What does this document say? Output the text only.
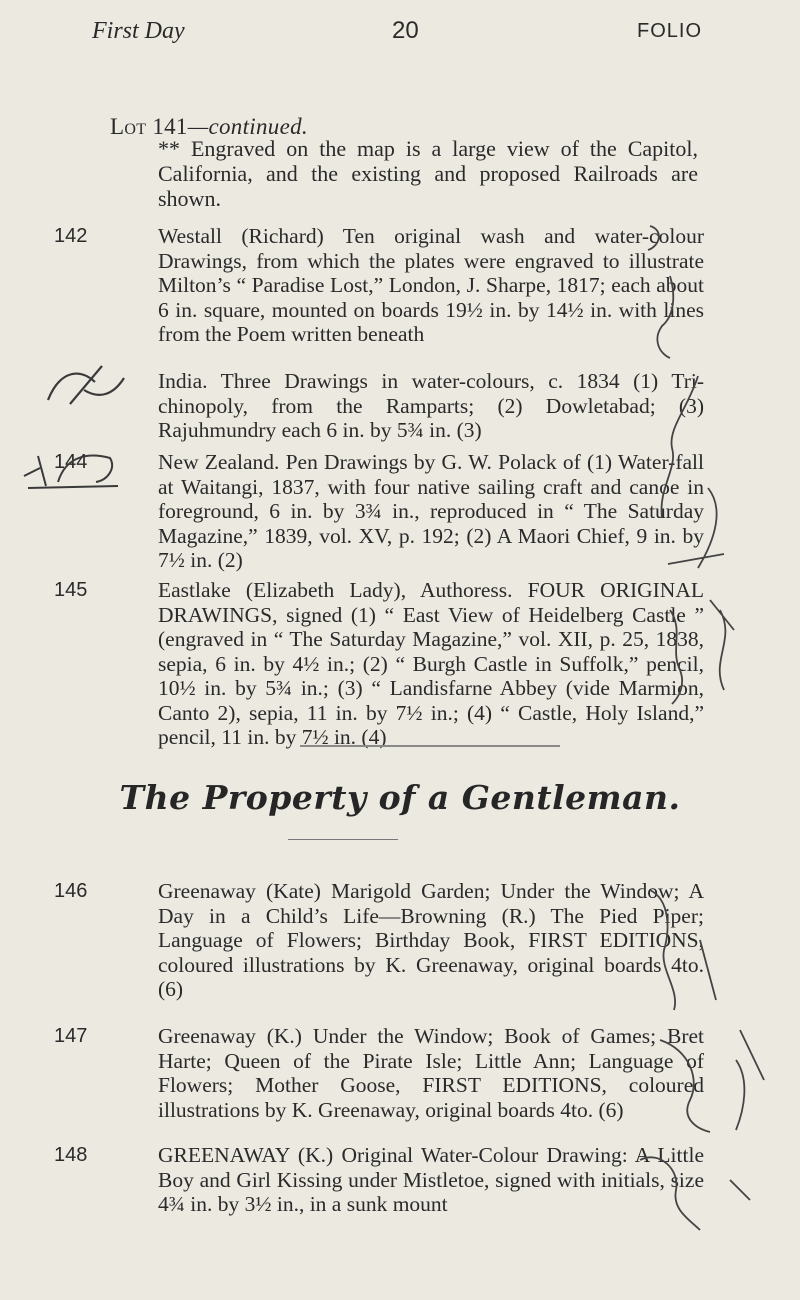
First Day	20	FOLIO
Lot 141—continued.
** Engraved on the map is a large view of the Capitol, California, and the existing and proposed Railroads are shown.
142	Westall (Richard) Ten original wash and water-colour Drawings, from which the plates were engraved to illustrate Milton’s “ Paradise Lost,” London, J. Sharpe, 1817; each about 6 in. square, mounted on boards 19½ in. by 14½ in. with lines from the Poem written beneath
India. Three Drawings in water-colours, c. 1834 (1) Tri-chinopoly, from the Ramparts; (2) Dowletabad; (3) Rajuhmundry each 6 in. by 5¾ in. (3)
144	New Zealand. Pen Drawings by G. W. Polack of (1) Water-fall at Waitangi, 1837, with four native sailing craft and canoe in foreground, 6 in. by 3¾ in., reproduced in “ The Saturday Magazine,” 1839, vol. XV, p. 192; (2) A Maori Chief, 9 in. by 7½ in. (2)
145	Eastlake (Elizabeth Lady), Authoress. FOUR ORIGINAL DRAWINGS, signed (1) “ East View of Heidelberg Castle ” (engraved in “ The Saturday Magazine,” vol. XII, p. 25, 1838, sepia, 6 in. by 4½ in.; (2) “ Burgh Castle in Suffolk,” pencil, 10½ in. by 5¾ in.; (3) “ Landisfarne Abbey (vide Marmion, Canto 2), sepia, 11 in. by 7½ in.; (4) “ Castle, Holy Island,” pencil, 11 in. by 7½ in. (4)
The Property of a Gentleman.
146	Greenaway (Kate) Marigold Garden; Under the Window; A Day in a Child’s Life—Browning (R.) The Pied Piper; Language of Flowers; Birthday Book, FIRST EDITIONS, coloured illustrations by K. Greenaway, original boards 4to. (6)
147	Greenaway (K.) Under the Window; Book of Games; Bret Harte; Queen of the Pirate Isle; Little Ann; Language of Flowers; Mother Goose, FIRST EDITIONS, coloured illustrations by K. Greenaway, original boards 4to. (6)
148	GREENAWAY (K.) Original Water-Colour Drawing: A Little Boy and Girl Kissing under Mistletoe, signed with initials, size 4¾ in. by 3½ in., in a sunk mount
